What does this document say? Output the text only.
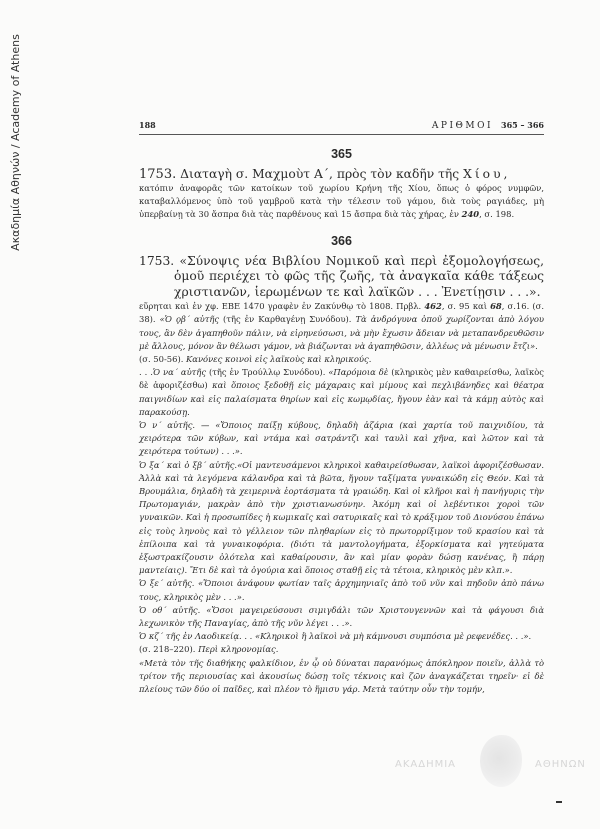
Ακαδημία Αθηνών / Academy of Athens	188	ΑΡΙΘΜΟΙ 365 – 366
365
1753. Διαταγὴ σ. Μαχμοὺτ Α΄, πρὸς τὸν καδῆν τῆς Χίου,
κατόπιν ἀναφορᾶς τῶν κατοίκων τοῦ χωρίου Κρήνη τῆς Χίου, ὅπως ὁ φόρος νυμφῶν, καταβαλλόμενος ὑπὸ τοῦ γαμβροῦ κατὰ τὴν τέλεσιν τοῦ γάμου, διὰ τοὺς ραγιάδες, μὴ ὑπερβαίνῃ τὰ 30 ἄσπρα διὰ τὰς παρθένους καὶ 15 ἄσπρα διὰ τὰς χήρας, ἐν 240, σ. 198.
366
1753. «Σύνοψις νέα Βιβλίου Νομικοῦ καὶ περὶ ἐξομολογήσεως, ὁμοῦ περιέχει τὸ φῶς τῆς ζωῆς, τὰ ἀναγκαῖα κάθε τάξεως χριστιανῶν, ἱερωμένων τε καὶ λαϊκῶν . . . Ἐνετίῃσιν . . .».

εὕρηται καὶ ἐν χφ. ΕΒΕ 1470 γραφὲν ἐν Ζακύνθῳ τὸ 1808. Πρβλ. 462, σ. 95 καὶ 68, σ.16. (σ. 38). «Ὁ ϙβ΄ αὐτῆς (τῆς ἐν Καρθαγένῃ Συνόδου). Τὰ ἀνδρόγυνα ὁποῦ χωρίζονται ἀπὸ λόγου τους, ἂν δὲν ἀγαπηθοῦν πάλιν, νὰ εἰρηνεύσωσι, νὰ μὴν ἔχωσιν ἄδειαν νὰ μεταπανδρευθῶσιν μὲ ἄλλους, μόνον ἂν θέλωσι γάμον, νὰ βιάζωνται νὰ ἀγαπηθῶσιν, ἀλλέως νὰ μένωσιν ἔτζι».

(σ. 50-56). Κανόνες κοινοὶ εἰς λαϊκοὺς καὶ κληρικούς.

. . .Ὁ να΄ αὐτῆς (τῆς ἐν Τρούλλῳ Συνόδου). «Παρόμοια δὲ (κληρικὸς μὲν καθαιρείσθω, λαϊκὸς δὲ ἀφοριζέσθω) καὶ ὅποιος ξεδοθῇ εἰς μάχαραις καὶ μίμους καὶ πεχλιβάνηδες καὶ θέατρα παιγνιδίων καὶ εἰς παλαίσματα θηρίων καὶ εἰς κωμῳδίας, ἤγουν ἐὰν καὶ τὰ κάμῃ αὐτὸς καὶ παρακούσῃ.

Ὁ ν΄ αὐτῆς. — «Ὅποιος παίξῃ κύβους, δηλαδὴ ἀζάρια (καὶ χαρτία τοῦ παιχνιδίου, τὰ χειρότερα τῶν κύβων, καὶ ντάμα καὶ σατράντζι καὶ ταυλὶ καὶ χῆνα, καὶ λῶτον καὶ τὰ χειρότερα τούτων) . . .».

Ὁ ξα΄ καὶ ὁ ξβ΄ αὐτῆς.«Οἱ μαντευσάμενοι κληρικοὶ καθαιρείσθωσαν, λαϊκοὶ ἀφοριζέσθωσαν. Ἀλλὰ καὶ τὰ λεγόμενα κάλανδρα καὶ τὰ βῶτα, ἤγουν ταξίματα γυναικώδη εἰς Θεόν. Καὶ τὰ Βρουμάλια, δηλαδὴ τὰ χειμερινὰ ἑορτάσματα τὰ γραιώδη. Καὶ οἱ κλῆροι καὶ ἡ πανήγυρις τὴν Πρωτομαγιάν, μακρὰν ἀπὸ τὴν χριστιανωσύνην. Ἀκόμη καὶ οἱ λεβέντικοι χοροὶ τῶν γυναικῶν. Καὶ ἡ προσωπίδες ἡ κωμικαῖς καὶ σατυρικαῖς καὶ τὸ κράξιμον τοῦ Διονύσου ἐπάνω εἰς τοὺς ληνοὺς καὶ τὸ γέλλειον τῶν πληθαρίων εἰς τὸ πρωτορρίξιμον τοῦ κρασίου καὶ τὰ ἐπίλοιπα καὶ τὰ γυναικοφόρια. (διότι τὰ μαντολογήματα, ἐξορκίσματα καὶ γητεύματα ἐξωστρακίζουσιν ὁλότελα καὶ καθαίρουσιν, ἂν καὶ μίαν φορὰν δώσῃ κανένας, ἢ πάρῃ μαντείαις). Ἔτι δὲ καὶ τὰ ὀγούρια καὶ ὅποιος σταθῇ εἰς τὰ τέτοια, κληρικὸς μὲν κλπ.».

Ὁ ξε΄ αὐτῆς. «Ὅποιοι ἀνάφουν φωτίαν ταῖς ἀρχημηνιαῖς ἀπὸ τοῦ νῦν καὶ πηδοῦν ἀπὸ πάνω τους, κληρικὸς μὲν . . .».

Ὁ οθ΄ αὐτῆς. «Ὅσοι μαγειρεύσουσι σιμιγδάλι τῶν Χριστουγεννῶν καὶ τὰ φάγουσι διὰ λεχωνικὸν τῆς Παναγίας, ἀπὸ τῆς νῦν λέγει . . .».

Ὁ κζ΄ τῆς ἐν Λαοδικείᾳ. . . «Κληρικοὶ ἢ λαϊκοὶ νὰ μὴ κάμνουσι συμπόσια μὲ ρεφενέδες. . .».

(σ. 218–220). Περὶ κληρονομίας.

«Μετὰ τὸν τῆς διαθήκης φαλκίδιον, ἐν ᾧ οὐ δύναται παρανόμως ἀπόκληρον ποιεῖν, ἀλλὰ τὸ τρίτον τῆς περιουσίας καὶ ἀκουσίως δώσῃ τοῖς τέκνοις καὶ ζῶν ἀναγκάζεται τηρεῖν· εἰ δὲ πλείους τῶν δύο οἱ παῖδες, καὶ πλέον τὸ ἥμισυ γάρ. Μετὰ ταύτην οὖν τὴν τομήν,

ΑΚΑΔΗΜΙΑ	ΑΘΗΝΩΝ
